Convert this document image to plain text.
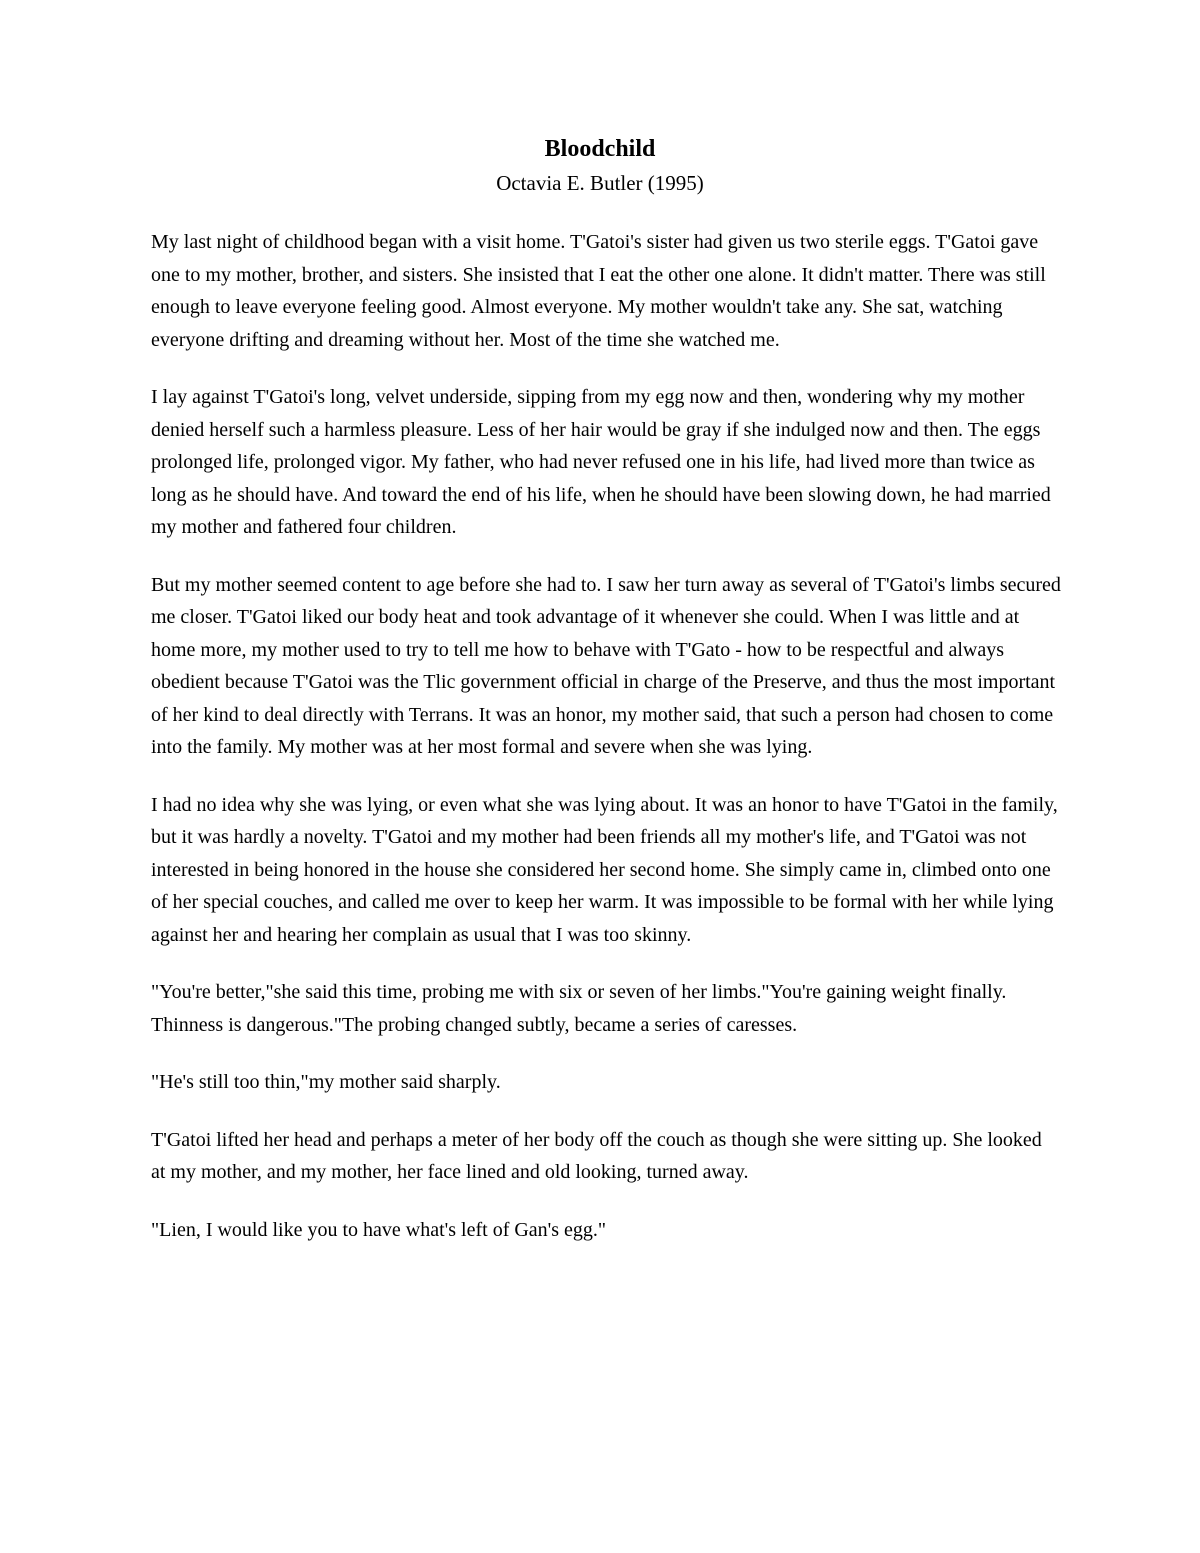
Bloodchild
Octavia E. Butler (1995)

My last night of childhood began with a visit home. T'Gatoi's sister had given us two sterile eggs. T'Gatoi gave one to my mother, brother, and sisters. She insisted that I eat the other one alone. It didn't matter. There was still enough to leave everyone feeling good. Almost everyone. My mother wouldn't take any. She sat, watching everyone drifting and dreaming without her. Most of the time she watched me.

I lay against T'Gatoi's long, velvet underside, sipping from my egg now and then, wondering why my mother denied herself such a harmless pleasure. Less of her hair would be gray if she indulged now and then. The eggs prolonged life, prolonged vigor. My father, who had never refused one in his life, had lived more than twice as long as he should have. And toward the end of his life, when he should have been slowing down, he had married my mother and fathered four children.

But my mother seemed content to age before she had to. I saw her turn away as several of T'Gatoi's limbs secured me closer. T'Gatoi liked our body heat and took advantage of it whenever she could. When I was little and at home more, my mother used to try to tell me how to behave with T'Gato - how to be respectful and always obedient because T'Gatoi was the Tlic government official in charge of the Preserve, and thus the most important of her kind to deal directly with Terrans. It was an honor, my mother said, that such a person had chosen to come into the family. My mother was at her most formal and severe when she was lying.

I had no idea why she was lying, or even what she was lying about. It was an honor to have T'Gatoi in the family, but it was hardly a novelty. T'Gatoi and my mother had been friends all my mother's life, and T'Gatoi was not interested in being honored in the house she considered her second home. She simply came in, climbed onto one of her special couches, and called me over to keep her warm. It was impossible to be formal with her while lying against her and hearing her complain as usual that I was too skinny.

"You're better,"she said this time, probing me with six or seven of her limbs."You're gaining weight finally. Thinness is dangerous."The probing changed subtly, became a series of caresses.

"He's still too thin,"my mother said sharply.

T'Gatoi lifted her head and perhaps a meter of her body off the couch as though she were sitting up. She looked at my mother, and my mother, her face lined and old looking, turned away.

"Lien, I would like you to have what's left of Gan's egg."
